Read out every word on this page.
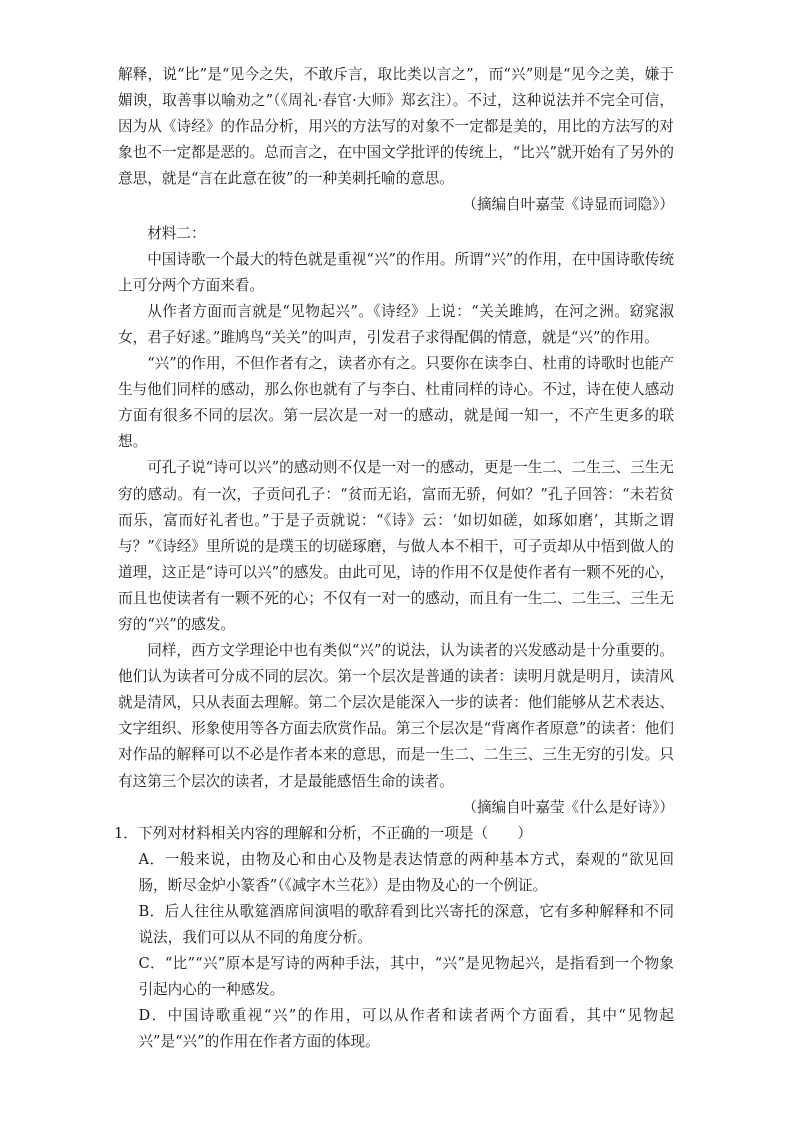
解释，说“比”是“见今之失，不敢斥言，取比类以言之”，而“兴”则是“见今之美，嫌于媚谀，取善事以喻劝之”（《周礼·春官·大师》郑玄注）。不过，这种说法并不完全可信，因为从《诗经》的作品分析，用兴的方法写的对象不一定都是美的，用比的方法写的对象也不一定都是恶的。总而言之，在中国文学批评的传统上，“比兴”就开始有了另外的意思，就是“言在此意在彼”的一种美刺托喻的意思。

（摘编自叶嘉莹《诗显而词隐》）
材料二：

中国诗歌一个最大的特色就是重视“兴”的作用。所谓“兴”的作用，在中国诗歌传统上可分两个方面来看。

从作者方面而言就是“见物起兴”。《诗经》上说：“关关雎鸠，在河之洲。窈窕淑女，君子好逑。”雎鸠鸟“关关”的叫声，引发君子求得配偶的情意，就是“兴”的作用。

“兴”的作用，不但作者有之，读者亦有之。只要你在读李白、杜甫的诗歌时也能产生与他们同样的感动，那么你也就有了与李白、杜甫同样的诗心。不过，诗在使人感动方面有很多不同的层次。第一层次是一对一的感动，就是闻一知一，不产生更多的联想。

可孔子说“诗可以兴”的感动则不仅是一对一的感动，更是一生二、二生三、三生无穷的感动。有一次，子贡问孔子：“贫而无谄，富而无骄，何如？”孔子回答：“未若贫而乐，富而好礼者也。”于是子贡就说：“《诗》云：‘如切如磋，如琢如磨’，其斯之谓与？”《诗经》里所说的是璞玉的切磋琢磨，与做人本不相干，可子贡却从中悟到做人的道理，这正是“诗可以兴”的感发。由此可见，诗的作用不仅是使作者有一颗不死的心，而且也使读者有一颗不死的心；不仅有一对一的感动，而且有一生二、二生三、三生无穷的“兴”的感发。

同样，西方文学理论中也有类似“兴”的说法，认为读者的兴发感动是十分重要的。他们认为读者可分成不同的层次。第一个层次是普通的读者：读明月就是明月，读清风就是清风，只从表面去理解。第二个层次是能深入一步的读者：他们能够从艺术表达、文字组织、形象使用等各方面去欣赏作品。第三个层次是“背离作者原意”的读者：他们对作品的解释可以不必是作者本来的意思，而是一生二、二生三、三生无穷的引发。只有这第三个层次的读者，才是最能感悟生命的读者。

（摘编自叶嘉莹《什么是好诗》）
1．下列对材料相关内容的理解和分析，不正确的一项是（　　）
A．一般来说，由物及心和由心及物是表达情意的两种基本方式，秦观的“欲见回肠，断尽金炉小篆香”（《减字木兰花》）是由物及心的一个例证。
B．后人往往从歌筵酒席间演唱的歌辞看到比兴寄托的深意，它有多种解释和不同说法，我们可以从不同的角度分析。
C．“比”“兴”原本是写诗的两种手法，其中，“兴”是见物起兴，是指看到一个物象引起内心的一种感发。
D．中国诗歌重视“兴”的作用，可以从作者和读者两个方面看，其中“见物起兴”是“兴”的作用在作者方面的体现。
